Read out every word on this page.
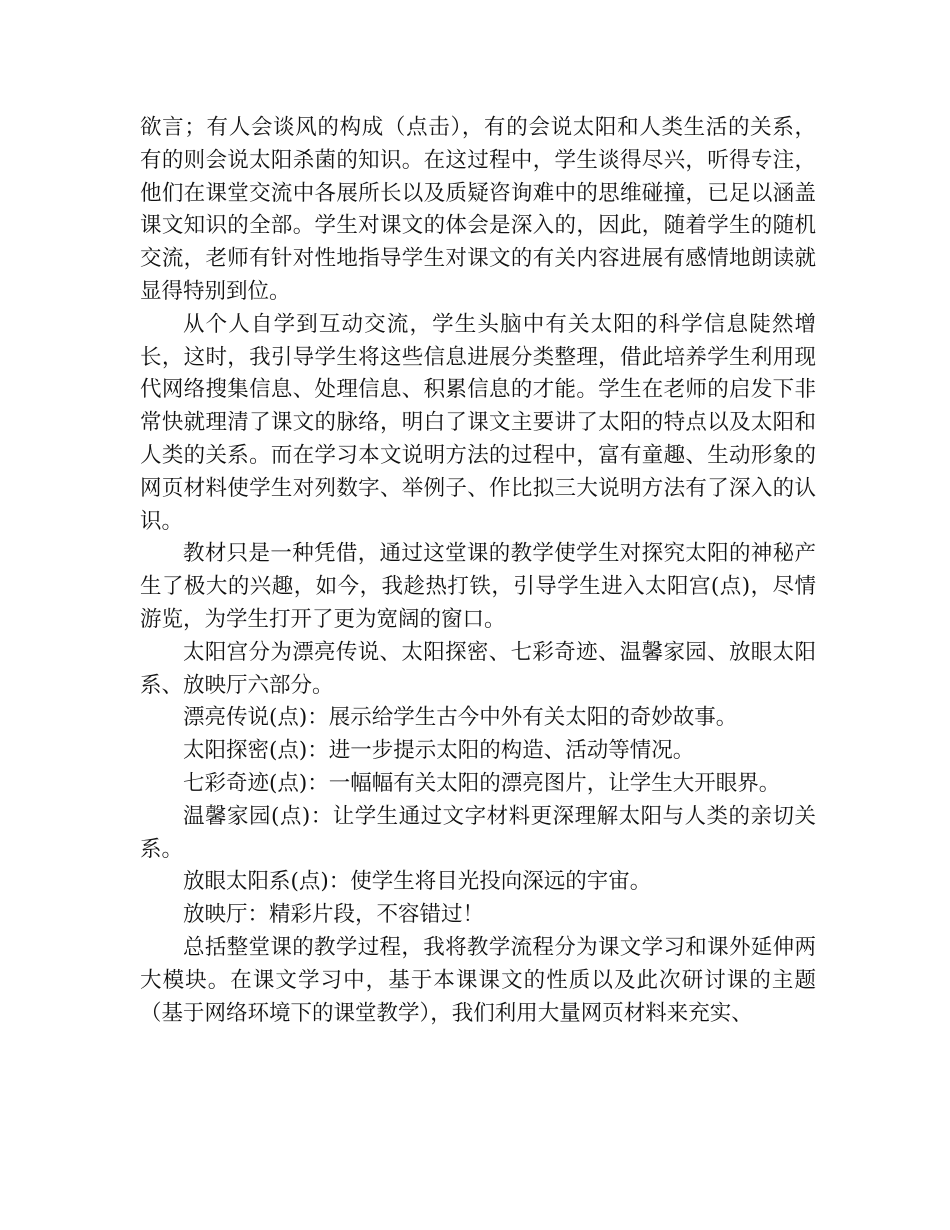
欲言；有人会谈风的构成（点击），有的会说太阳和人类生活的关系，有的则会说太阳杀菌的知识。在这过程中，学生谈得尽兴，听得专注，他们在课堂交流中各展所长以及质疑咨询难中的思维碰撞，已足以涵盖课文知识的全部。学生对课文的体会是深入的，因此，随着学生的随机交流，老师有针对性地指导学生对课文的有关内容进展有感情地朗读就显得特别到位。

从个人自学到互动交流，学生头脑中有关太阳的科学信息陡然增长，这时，我引导学生将这些信息进展分类整理，借此培养学生利用现代网络搜集信息、处理信息、积累信息的才能。学生在老师的启发下非常快就理清了课文的脉络，明白了课文主要讲了太阳的特点以及太阳和人类的关系。而在学习本文说明方法的过程中，富有童趣、生动形象的网页材料使学生对列数字、举例子、作比拟三大说明方法有了深入的认识。

教材只是一种凭借，通过这堂课的教学使学生对探究太阳的神秘产生了极大的兴趣，如今，我趁热打铁，引导学生进入太阳宫(点)，尽情游览，为学生打开了更为宽阔的窗口。

太阳宫分为漂亮传说、太阳探密、七彩奇迹、温馨家园、放眼太阳系、放映厅六部分。

漂亮传说(点)：展示给学生古今中外有关太阳的奇妙故事。

太阳探密(点)：进一步提示太阳的构造、活动等情况。

七彩奇迹(点)：一幅幅有关太阳的漂亮图片，让学生大开眼界。

温馨家园(点)：让学生通过文字材料更深理解太阳与人类的亲切关系。

放眼太阳系(点)：使学生将目光投向深远的宇宙。

放映厅：精彩片段，不容错过！

总括整堂课的教学过程，我将教学流程分为课文学习和课外延伸两大模块。在课文学习中，基于本课课文的性质以及此次研讨课的主题（基于网络环境下的课堂教学），我们利用大量网页材料来充实、
